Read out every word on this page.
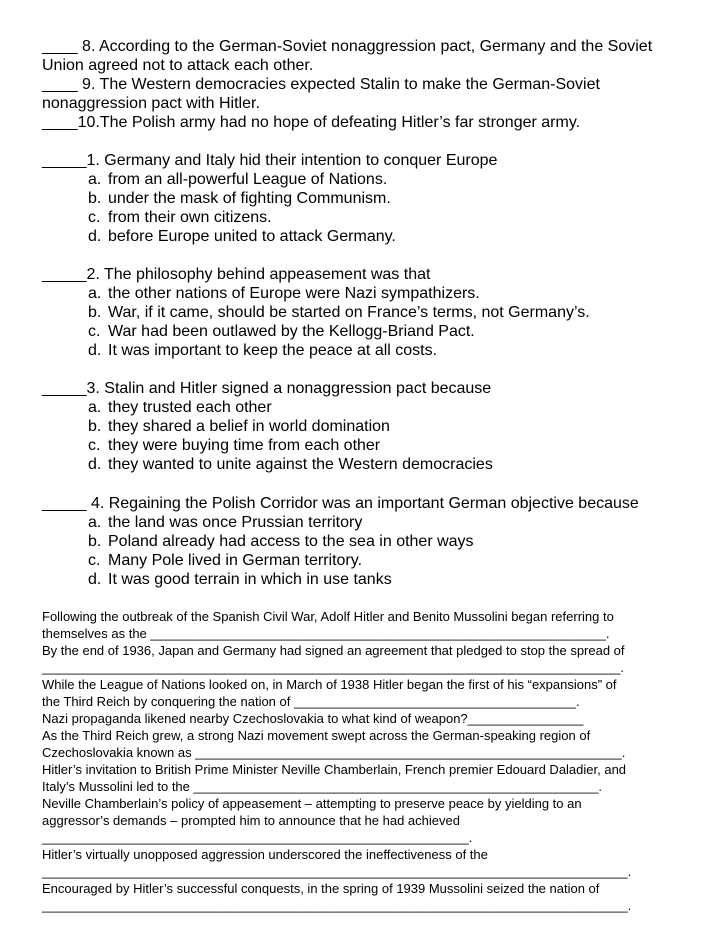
____ 8. According to the German-Soviet nonaggression pact, Germany and the Soviet
Union agreed not to attack each other.
____ 9. The Western democracies expected Stalin to make the German-Soviet
nonaggression pact with Hitler.
____10.The Polish army had no hope of defeating Hitler’s far stronger army.
_____1. Germany and Italy hid their intention to conquer Europe
a. from an all-powerful League of Nations.
b. under the mask of fighting Communism.
c. from their own citizens.
d. before Europe united to attack Germany.
_____2. The philosophy behind appeasement was that
a. the other nations of Europe were Nazi sympathizers.
b. War, if it came, should be started on France’s terms, not Germany’s.
c. War had been outlawed by the Kellogg-Briand Pact.
d. It was important to keep the peace at all costs.
_____3. Stalin and Hitler signed a nonaggression pact because
a. they trusted each other
b. they shared a belief in world domination
c. they were buying time from each other
d. they wanted to unite against the Western democracies
_____ 4. Regaining the Polish Corridor was an important German objective because
a. the land was once Prussian territory
b. Poland already had access to the sea in other ways
c. Many Pole lived in German territory.
d. It was good terrain in which in use tanks
Following the outbreak of the Spanish Civil War, Adolf Hitler and Benito Mussolini began referring to
themselves as the _______________________________________________________________.
By the end of 1936, Japan and Germany had signed an agreement that pledged to stop the spread of
________________________________________________________________________________.
While the League of Nations looked on, in March of 1938 Hitler began the first of his “expansions” of
the Third Reich by conquering the nation of _______________________________________.
Nazi propaganda likened nearby Czechoslovakia to what kind of weapon?________________
As the Third Reich grew, a strong Nazi movement swept across the German-speaking region of
Czechoslovakia known as ___________________________________________________________.
Hitler’s invitation to British Prime Minister Neville Chamberlain, French premier Edouard Daladier, and
Italy’s Mussolini led to the ________________________________________________________.
Neville Chamberlain’s policy of appeasement – attempting to preserve peace by yielding to an
aggressor’s demands – prompted him to announce that he had achieved
___________________________________________________________.
Hitler’s virtually unopposed aggression underscored the ineffectiveness of the
_________________________________________________________________________________.
Encouraged by Hitler’s successful conquests, in the spring of 1939 Mussolini seized the nation of
_________________________________________________________________________________.
